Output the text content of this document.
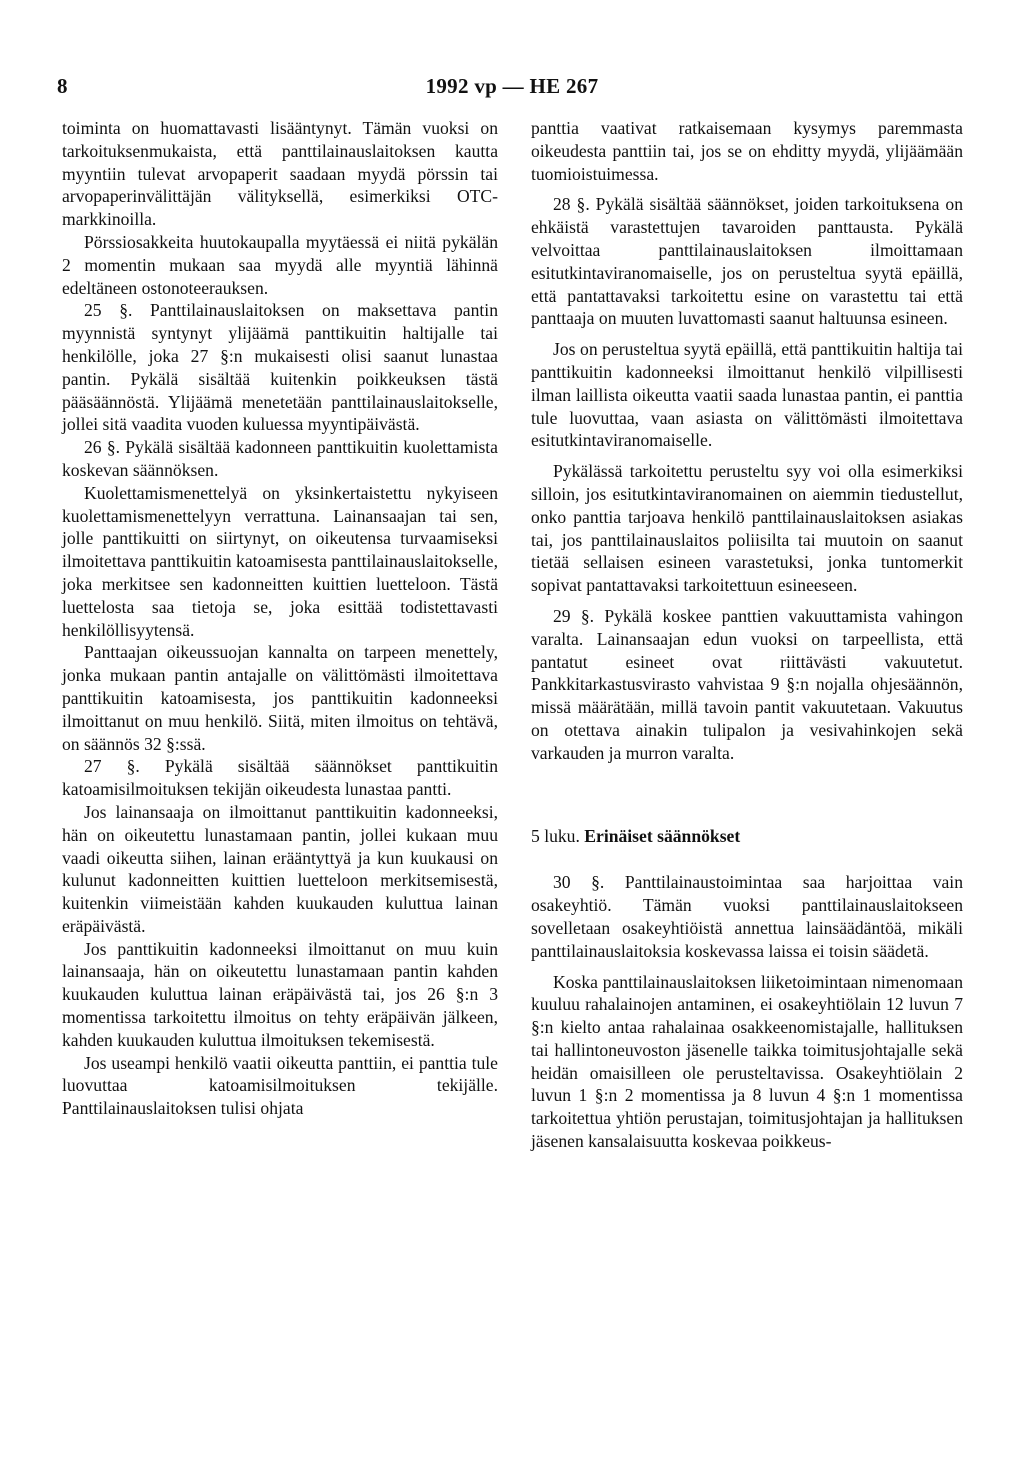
8	1992 vp — HE 267

toiminta on huomattavasti lisääntynyt. Tämän vuoksi on tarkoituksenmukaista, että panttilainauslaitoksen kautta myyntiin tulevat arvopaperit saadaan myydä pörssin tai arvopaperinvälittäjän välityksellä, esimerkiksi OTC-markkinoilla.

Pörssiosakkeita huutokaupalla myytäessä ei niitä pykälän 2 momentin mukaan saa myydä alle myyntiä lähinnä edeltäneen ostonoteerauksen.

25 §. Panttilainauslaitoksen on maksettava pantin myynnistä syntynyt ylijäämä panttikuitin haltijalle tai henkilölle, joka 27 §:n mukaisesti olisi saanut lunastaa pantin. Pykälä sisältää kuitenkin poikkeuksen tästä pääsäännöstä. Ylijäämä menetetään panttilainauslaitokselle, jollei sitä vaadita vuoden kuluessa myyntipäivästä.

26 §. Pykälä sisältää kadonneen panttikuitin kuolettamista koskevan säännöksen.

Kuolettamismenettelyä on yksinkertaistettu nykyiseen kuolettamismenettelyyn verrattuna. Lainansaajan tai sen, jolle panttikuitti on siirtynyt, on oikeutensa turvaamiseksi ilmoitettava panttikuitin katoamisesta panttilainauslaitokselle, joka merkitsee sen kadonneitten kuittien luetteloon. Tästä luettelosta saa tietoja se, joka esittää todistettavasti henkilöllisyytensä.

Panttaajan oikeussuojan kannalta on tarpeen menettely, jonka mukaan pantin antajalle on välittömästi ilmoitettava panttikuitin katoamisesta, jos panttikuitin kadonneeksi ilmoittanut on muu henkilö. Siitä, miten ilmoitus on tehtävä, on säännös 32 §:ssä.

27 §. Pykälä sisältää säännökset panttikuitin katoamisilmoituksen tekijän oikeudesta lunastaa pantti.

Jos lainansaaja on ilmoittanut panttikuitin kadonneeksi, hän on oikeutettu lunastamaan pantin, jollei kukaan muu vaadi oikeutta siihen, lainan erääntyttyä ja kun kuukausi on kulunut kadonneitten kuittien luetteloon merkitsemisestä, kuitenkin viimeistään kahden kuukauden kuluttua lainan eräpäivästä.

Jos panttikuitin kadonneeksi ilmoittanut on muu kuin lainansaaja, hän on oikeutettu lunastamaan pantin kahden kuukauden kuluttua lainan eräpäivästä tai, jos 26 §:n 3 momentissa tarkoitettu ilmoitus on tehty eräpäivän jälkeen, kahden kuukauden kuluttua ilmoituksen tekemisestä.

Jos useampi henkilö vaatii oikeutta panttiin, ei panttia tule luovuttaa katoamisilmoituksen tekijälle. Panttilainauslaitoksen tulisi ohjata

panttia vaativat ratkaisemaan kysymys paremmasta oikeudesta panttiin tai, jos se on ehditty myydä, ylijäämään tuomioistuimessa.

28 §. Pykälä sisältää säännökset, joiden tarkoituksena on ehkäistä varastettujen tavaroiden panttausta. Pykälä velvoittaa panttilainauslaitoksen ilmoittamaan esitutkintaviranomaiselle, jos on perusteltua syytä epäillä, että pantattavaksi tarkoitettu esine on varastettu tai että panttaaja on muuten luvattomasti saanut haltuunsa esineen.

Jos on perusteltua syytä epäillä, että panttikuitin haltija tai panttikuitin kadonneeksi ilmoittanut henkilö vilpillisesti ilman laillista oikeutta vaatii saada lunastaa pantin, ei panttia tule luovuttaa, vaan asiasta on välittömästi ilmoitettava esitutkintaviranomaiselle.

Pykälässä tarkoitettu perusteltu syy voi olla esimerkiksi silloin, jos esitutkintaviranomainen on aiemmin tiedustellut, onko panttia tarjoava henkilö panttilainauslaitoksen asiakas tai, jos panttilainauslaitos poliisilta tai muutoin on saanut tietää sellaisen esineen varastetuksi, jonka tuntomerkit sopivat pantattavaksi tarkoitettuun esineeseen.

29 §. Pykälä koskee panttien vakuuttamista vahingon varalta. Lainansaajan edun vuoksi on tarpeellista, että pantatut esineet ovat riittävästi vakuutetut. Pankkitarkastusvirasto vahvistaa 9 §:n nojalla ohjesäännön, missä määrätään, millä tavoin pantit vakuutetaan. Vakuutus on otettava ainakin tulipalon ja vesivahinkojen sekä varkauden ja murron varalta.

5 luku. Erinäiset säännökset

30 §. Panttilainaustoimintaa saa harjoittaa vain osakeyhtiö. Tämän vuoksi panttilainauslaitokseen sovelletaan osakeyhtiöistä annettua lainsäädäntöä, mikäli panttilainauslaitoksia koskevassa laissa ei toisin säädetä.

Koska panttilainauslaitoksen liiketoimintaan nimenomaan kuuluu rahalainojen antaminen, ei osakeyhtiölain 12 luvun 7 §:n kielto antaa rahalainaa osakkeenomistajalle, hallituksen tai hallintoneuvoston jäsenelle taikka toimitusjohtajalle sekä heidän omaisilleen ole perusteltavissa. Osakeyhtiölain 2 luvun 1 §:n 2 momentissa ja 8 luvun 4 §:n 1 momentissa tarkoitettua yhtiön perustajan, toimitusjohtajan ja hallituksen jäsenen kansalaisuutta koskevaa poikkeus-
